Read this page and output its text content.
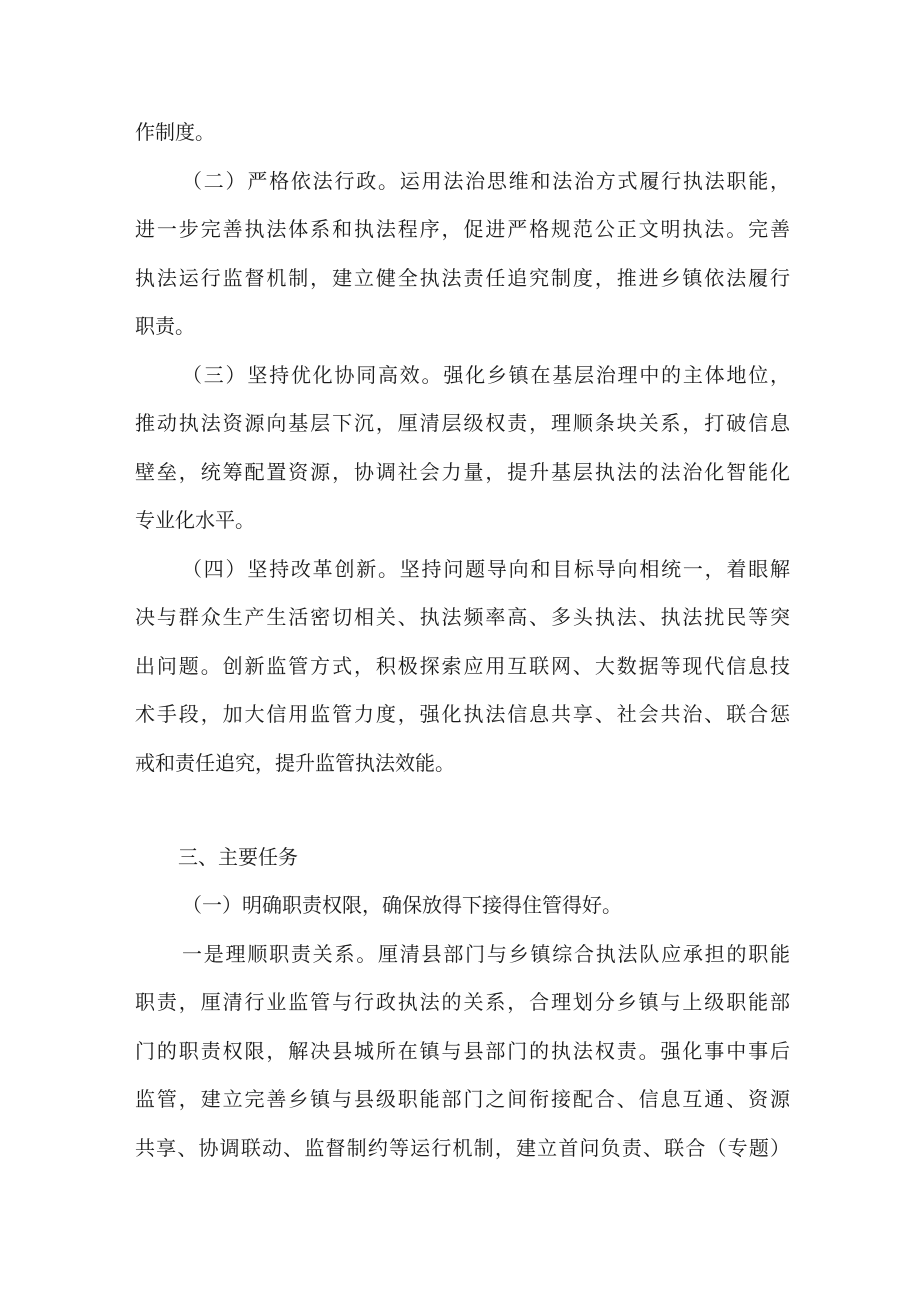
作制度。

（二）严格依法行政。运用法治思维和法治方式履行执法职能，

进一步完善执法体系和执法程序，促进严格规范公正文明执法。完善

执法运行监督机制，建立健全执法责任追究制度，推进乡镇依法履行

职责。

（三）坚持优化协同高效。强化乡镇在基层治理中的主体地位，

推动执法资源向基层下沉，厘清层级权责，理顺条块关系，打破信息

壁垒，统筹配置资源，协调社会力量，提升基层执法的法治化智能化

专业化水平。

（四）坚持改革创新。坚持问题导向和目标导向相统一，着眼解

决与群众生产生活密切相关、执法频率高、多头执法、执法扰民等突

出问题。创新监管方式，积极探索应用互联网、大数据等现代信息技

术手段，加大信用监管力度，强化执法信息共享、社会共治、联合惩

戒和责任追究，提升监管执法效能。

三、主要任务

（一）明确职责权限，确保放得下接得住管得好。

一是理顺职责关系。厘清县部门与乡镇综合执法队应承担的职能

职责，厘清行业监管与行政执法的关系，合理划分乡镇与上级职能部

门的职责权限，解决县城所在镇与县部门的执法权责。强化事中事后

监管，建立完善乡镇与县级职能部门之间衔接配合、信息互通、资源

共享、协调联动、监督制约等运行机制，建立首问负责、联合（专题）
